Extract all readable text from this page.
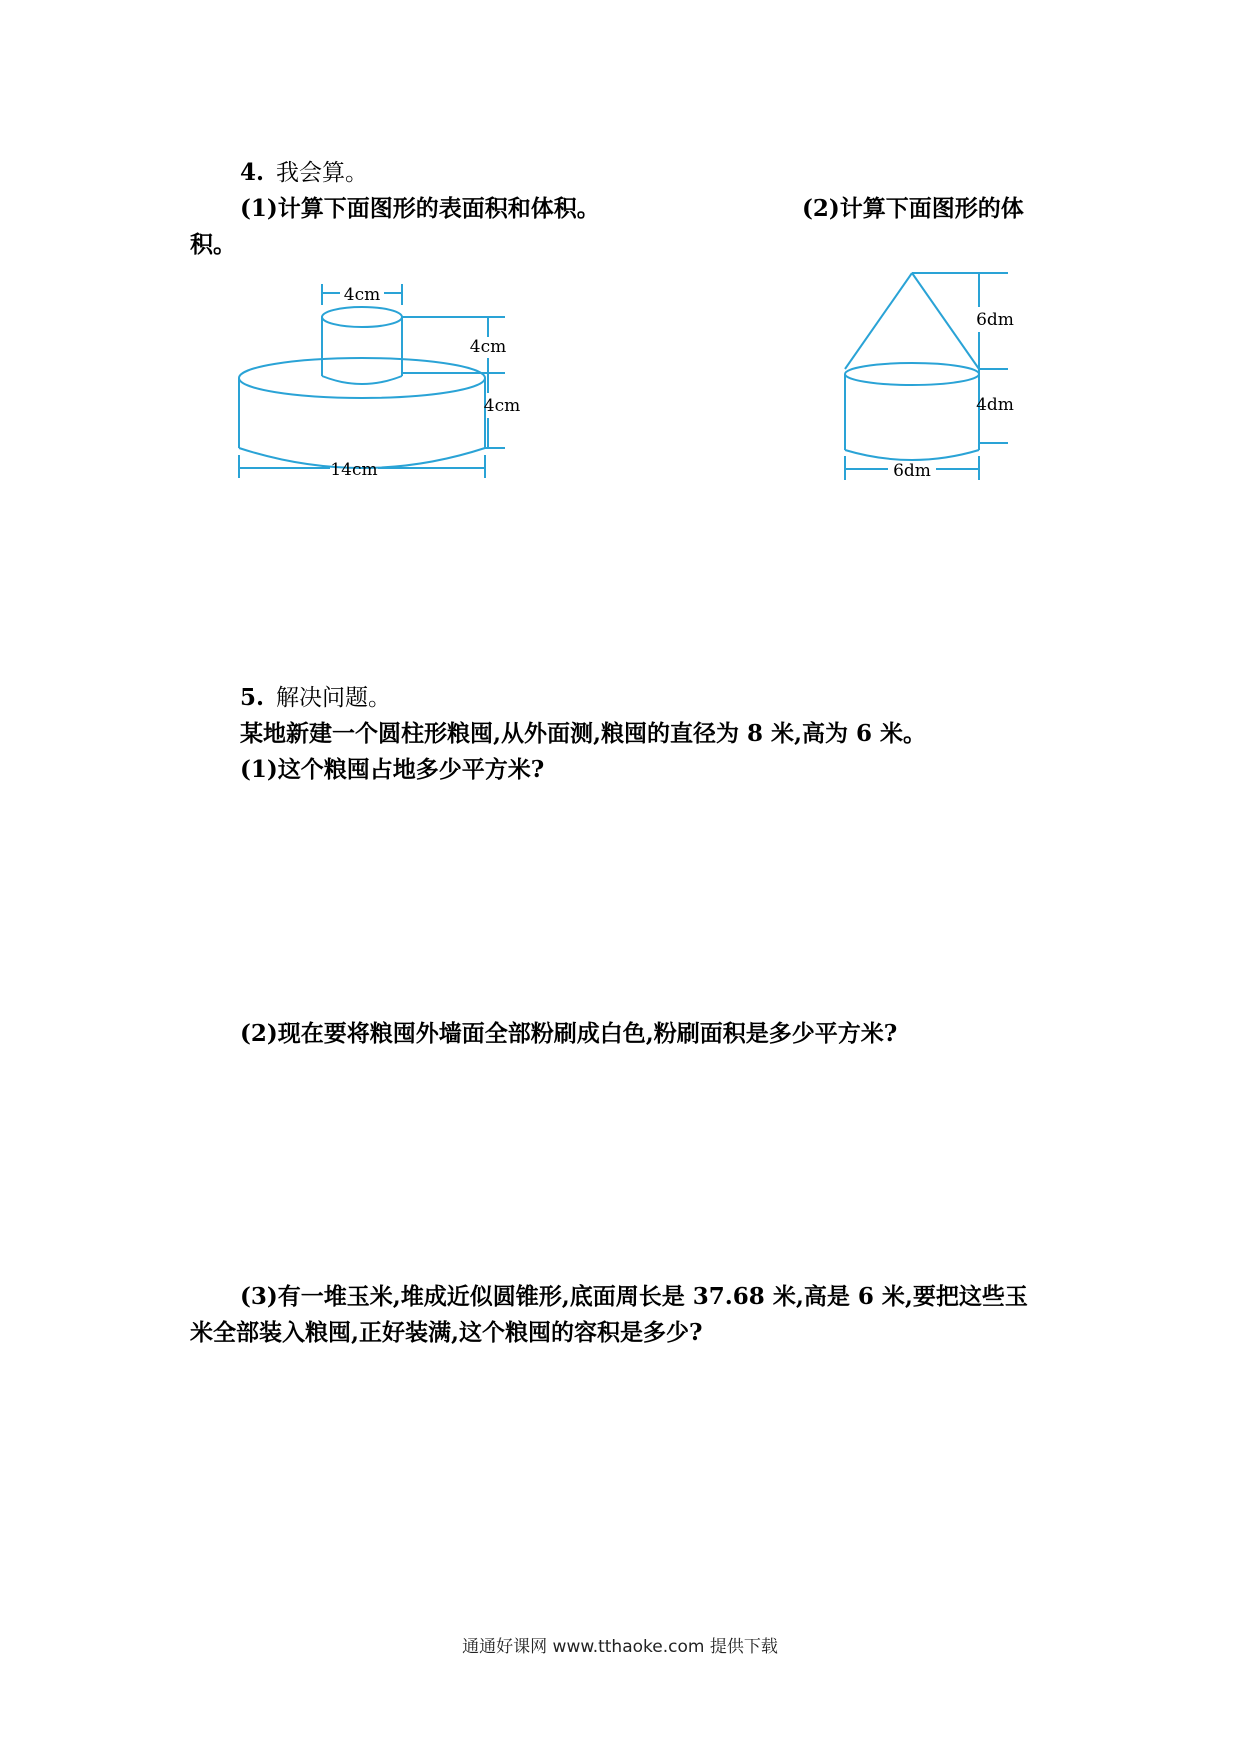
4. 我会算。
(1)计算下面图形的表面积和体积。	(2)计算下面图形的体
积。
4cm
4cm
4cm
14cm
6dm
4dm
6dm
5. 解决问题。
某地新建一个圆柱形粮囤,从外面测,粮囤的直径为 8 米,高为 6 米。
(1)这个粮囤占地多少平方米?
(2)现在要将粮囤外墙面全部粉刷成白色,粉刷面积是多少平方米?
(3)有一堆玉米,堆成近似圆锥形,底面周长是 37.68 米,高是 6 米,要把这些玉
米全部装入粮囤,正好装满,这个粮囤的容积是多少?
通通好课网 www.tthaoke.com 提供下载
